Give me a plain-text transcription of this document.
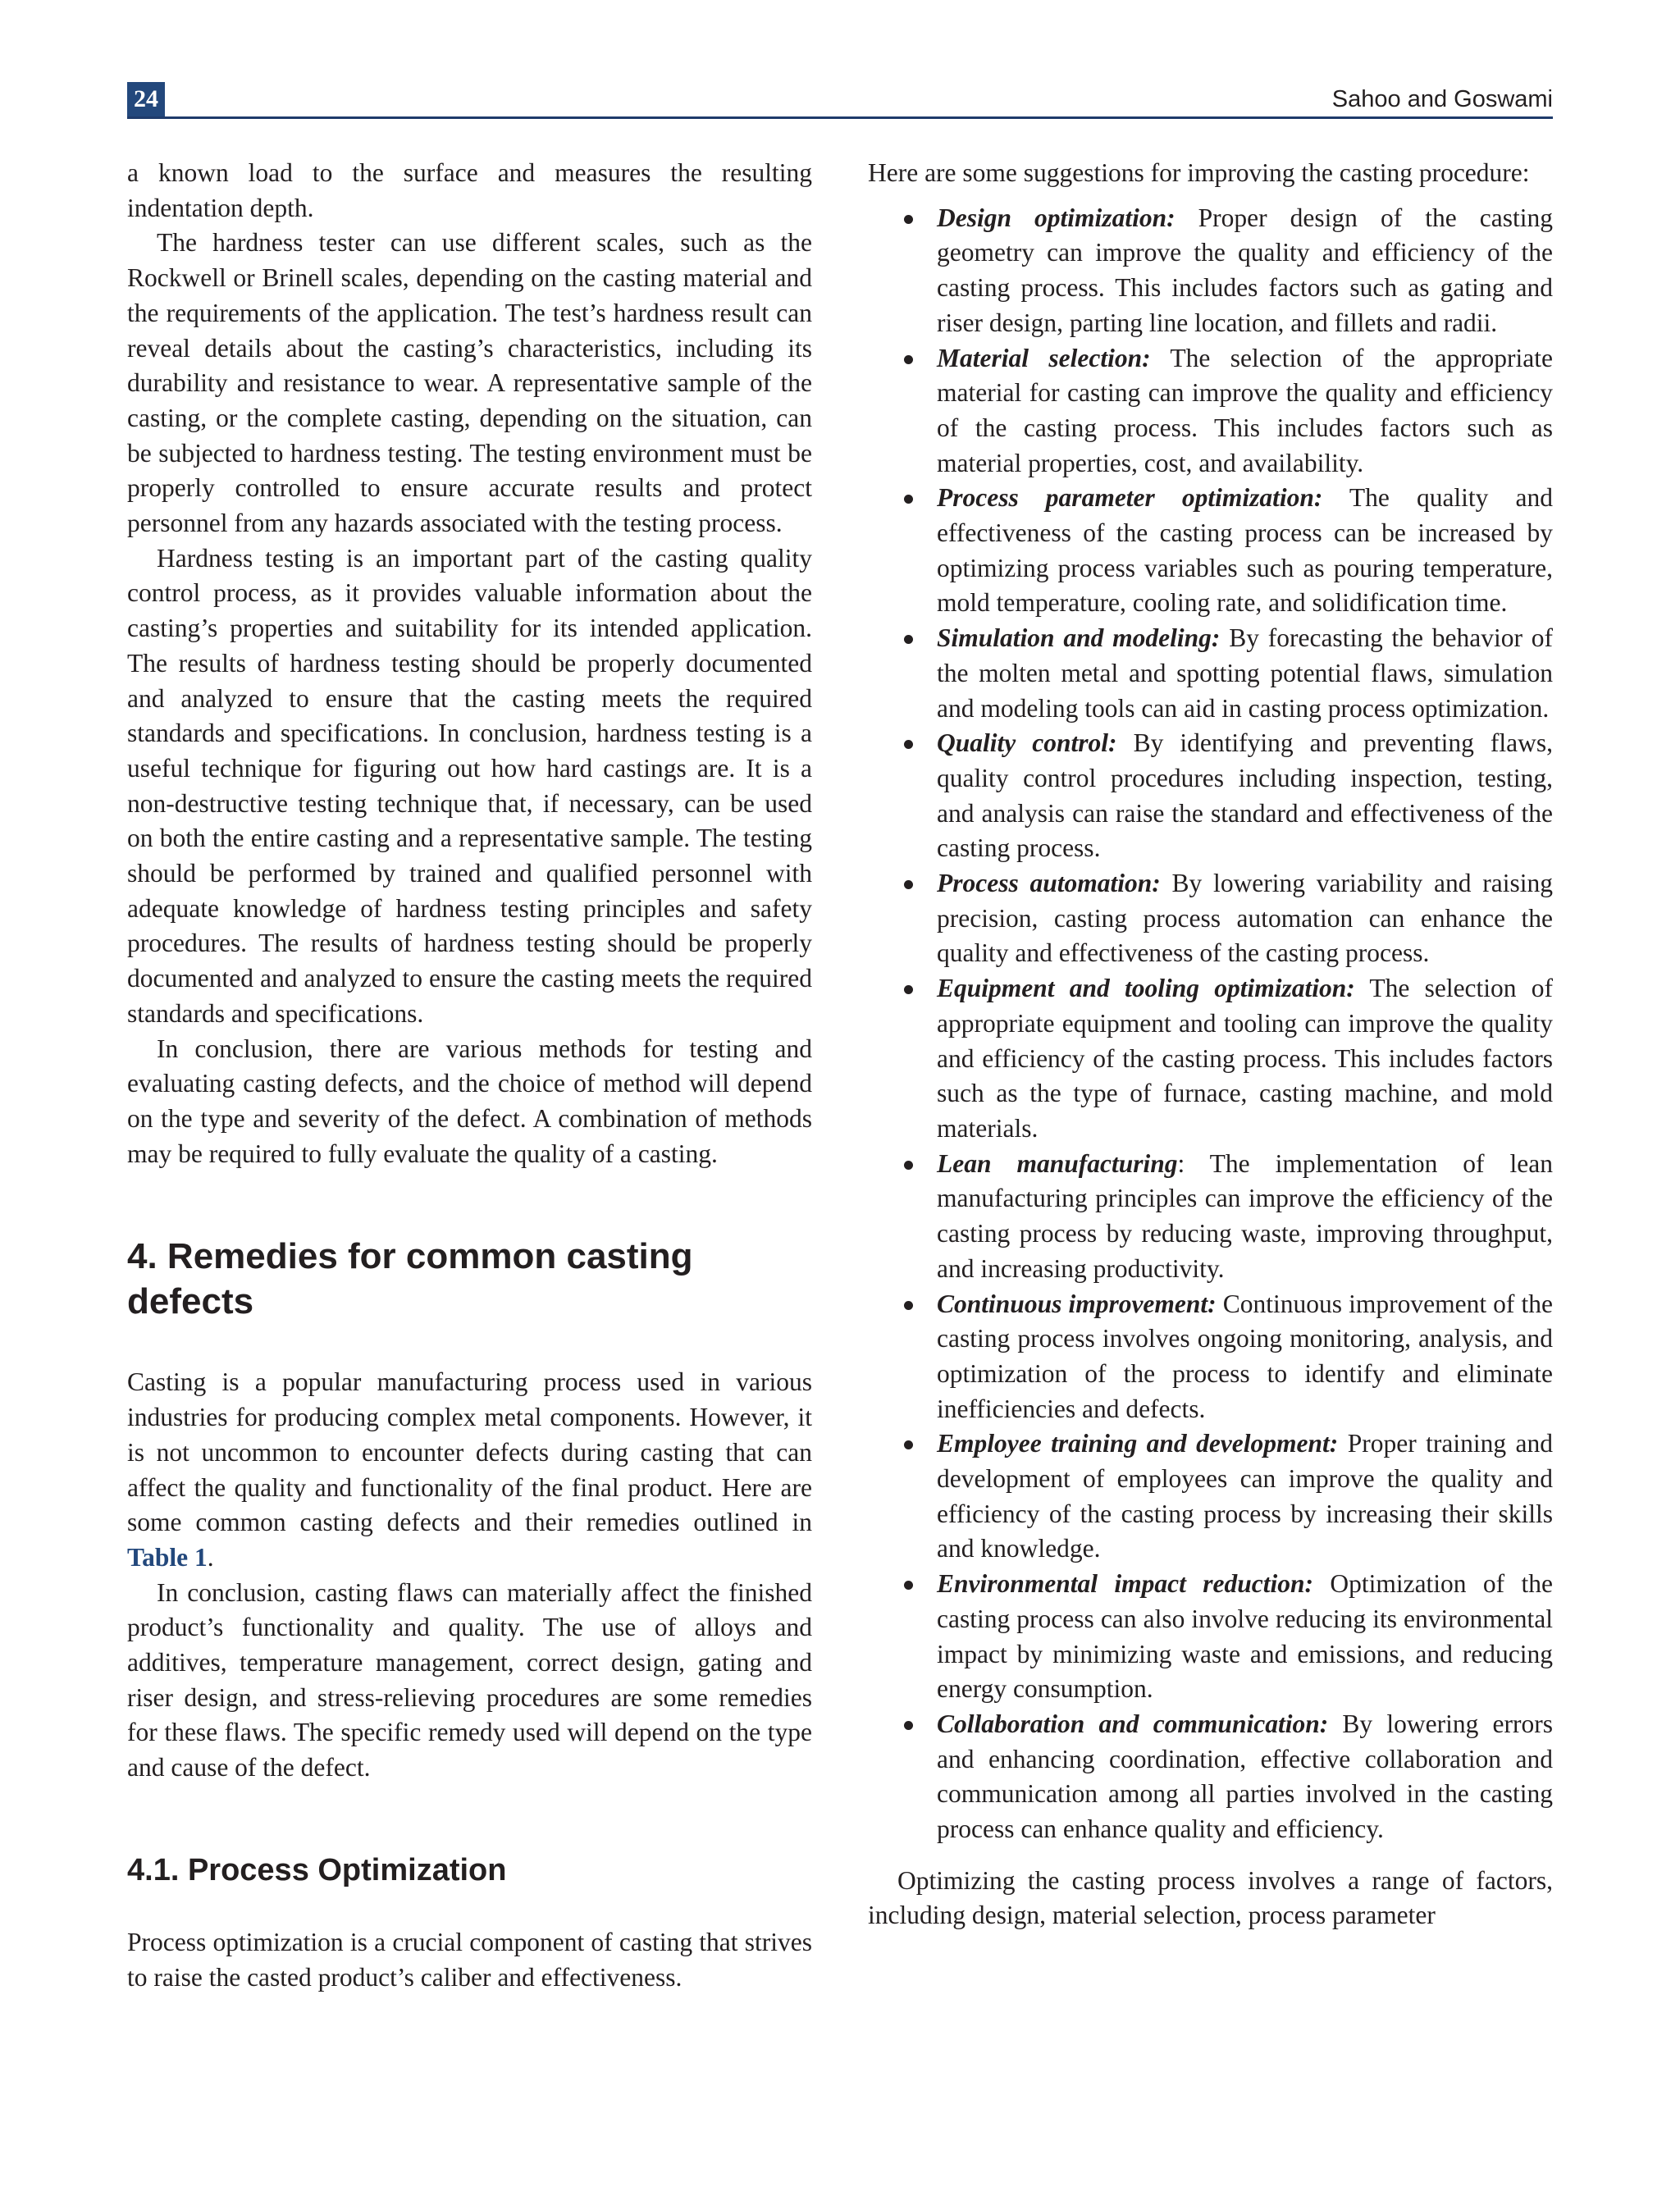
24	Sahoo and Goswami

a known load to the surface and measures the resulting indentation depth.

The hardness tester can use different scales, such as the Rockwell or Brinell scales, depending on the casting material and the requirements of the application. The test’s hardness result can reveal details about the casting’s characteristics, including its durability and resistance to wear. A representative sample of the casting, or the complete casting, depending on the situation, can be subjected to hardness testing. The testing environment must be properly controlled to ensure accurate results and protect personnel from any hazards associated with the testing process.

Hardness testing is an important part of the casting quality control process, as it provides valuable information about the casting’s properties and suitability for its intended application. The results of hardness testing should be properly documented and analyzed to ensure that the casting meets the required standards and specifications. In conclusion, hardness testing is a useful technique for figuring out how hard castings are. It is a non-destructive testing technique that, if necessary, can be used on both the entire casting and a representative sample. The testing should be performed by trained and qualified personnel with adequate knowledge of hardness testing principles and safety procedures. The results of hardness testing should be properly documented and analyzed to ensure the casting meets the required standards and specifications.

In conclusion, there are various methods for testing and evaluating casting defects, and the choice of method will depend on the type and severity of the defect. A combination of methods may be required to fully evaluate the quality of a casting.

4. Remedies for common casting defects

Casting is a popular manufacturing process used in various industries for producing complex metal components. However, it is not uncommon to encounter defects during casting that can affect the quality and functionality of the final product. Here are some common casting defects and their remedies outlined in Table 1.

In conclusion, casting flaws can materially affect the finished product’s functionality and quality. The use of alloys and additives, temperature management, correct design, gating and riser design, and stress-relieving procedures are some remedies for these flaws. The specific remedy used will depend on the type and cause of the defect.

4.1. Process Optimization

Process optimization is a crucial component of casting that strives to raise the casted product’s caliber and effectiveness.

Here are some suggestions for improving the casting procedure:

Design optimization: Proper design of the casting geometry can improve the quality and efficiency of the casting process. This includes factors such as gating and riser design, parting line location, and fillets and radii.
Material selection: The selection of the appropriate material for casting can improve the quality and efficiency of the casting process. This includes factors such as material properties, cost, and availability.
Process parameter optimization: The quality and effectiveness of the casting process can be increased by optimizing process variables such as pouring temperature, mold temperature, cooling rate, and solidification time.
Simulation and modeling: By forecasting the behavior of the molten metal and spotting potential flaws, simulation and modeling tools can aid in casting process optimization.
Quality control: By identifying and preventing flaws, quality control procedures including inspection, testing, and analysis can raise the standard and effectiveness of the casting process.
Process automation: By lowering variability and raising precision, casting process automation can enhance the quality and effectiveness of the casting process.
Equipment and tooling optimization: The selection of appropriate equipment and tooling can improve the quality and efficiency of the casting process. This includes factors such as the type of furnace, casting machine, and mold materials.
Lean manufacturing: The implementation of lean manufacturing principles can improve the efficiency of the casting process by reducing waste, improving throughput, and increasing productivity.
Continuous improvement: Continuous improvement of the casting process involves ongoing monitoring, analysis, and optimization of the process to identify and eliminate inefficiencies and defects.
Employee training and development: Proper training and development of employees can improve the quality and efficiency of the casting process by increasing their skills and knowledge.
Environmental impact reduction: Optimization of the casting process can also involve reducing its environmental impact by minimizing waste and emissions, and reducing energy consumption.
Collaboration and communication: By lowering errors and enhancing coordination, effective collaboration and communication among all parties involved in the casting process can enhance quality and efficiency.

Optimizing the casting process involves a range of factors, including design, material selection, process parameter
